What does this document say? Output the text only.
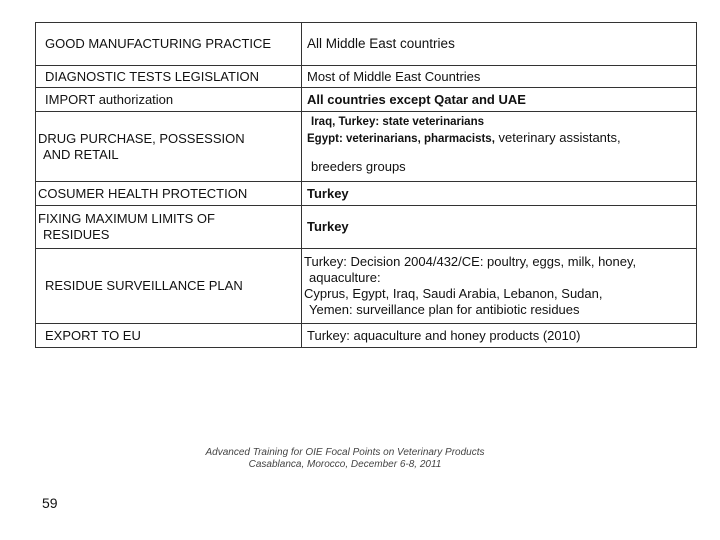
GOOD MANUFACTURING PRACTICE	All Middle East countries
DIAGNOSTIC TESTS LEGISLATION	Most of Middle East Countries
IMPORT authorization	All countries except Qatar and UAE

DRUG PURCHASE, POSSESSION
AND RETAIL	Iraq, Turkey: state veterinarians
Egypt: veterinarians, pharmacists, veterinary assistants,
breeders groups

COSUMER HEALTH PROTECTION	Turkey

FIXING MAXIMUM LIMITS OF
RESIDUES	Turkey
RESIDUE SURVEILLANCE PLAN	Turkey: Decision 2004/432/CE: poultry, eggs, milk, honey,
aquaculture:
Cyprus, Egypt, Iraq, Saudi Arabia, Lebanon, Sudan,
Yemen: surveillance plan for antibiotic residues

EXPORT TO EU	Turkey: aquaculture and honey products (2010)
Advanced Training for OIE Focal Points on Veterinary Products
Casablanca, Morocco, December 6-8, 2011
59
